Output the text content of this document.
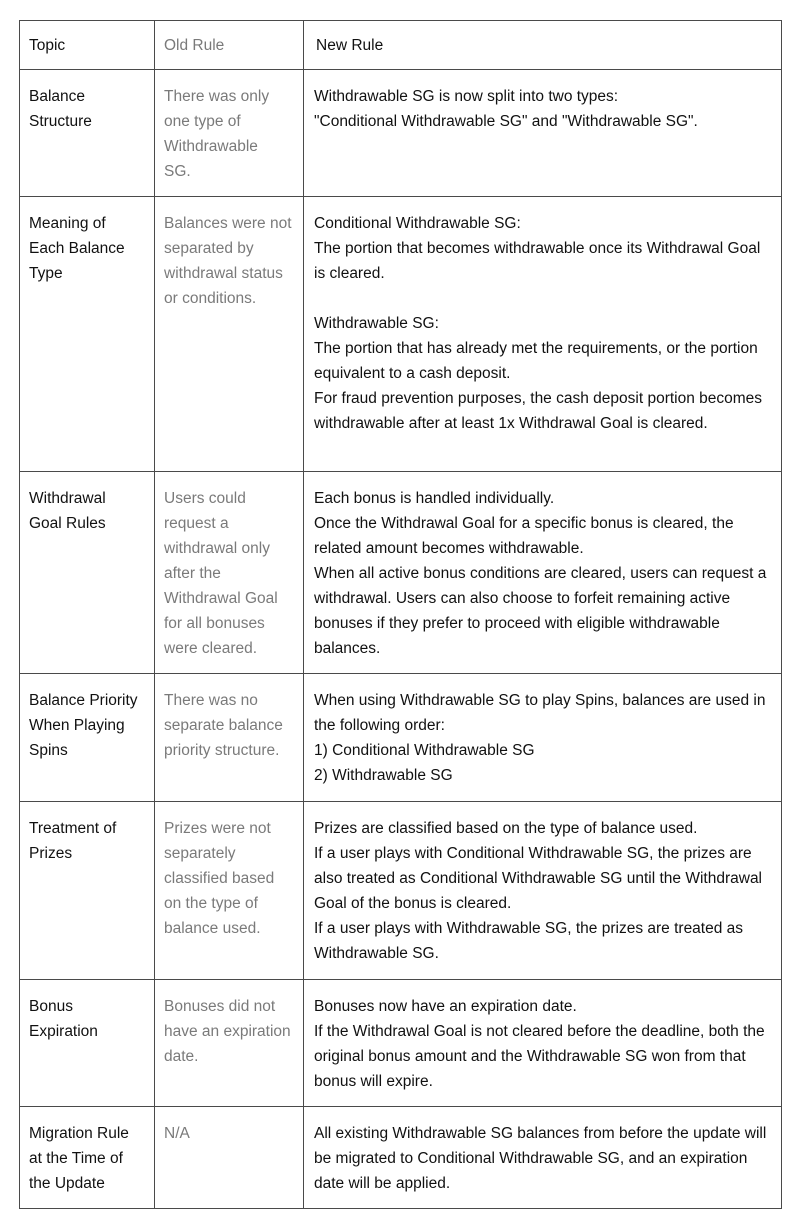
Topic	Old Rule	New Rule
Balance Structure	There was only one type of Withdrawable SG.	Withdrawable SG is now split into two types:
"Conditional Withdrawable SG" and "Withdrawable SG".

Meaning of Each Balance Type	Balances were not separated by withdrawal status or conditions.	Conditional Withdrawable SG:
The portion that becomes withdrawable once its Withdrawal Goal is cleared.

Withdrawable SG:
The portion that has already met the requirements, or the portion equivalent to a cash deposit.
For fraud prevention purposes, the cash deposit portion becomes withdrawable after at least 1x Withdrawal Goal is cleared.

Withdrawal Goal Rules	Users could request a withdrawal only after the Withdrawal Goal for all bonuses were cleared.	Each bonus is handled individually.
Once the Withdrawal Goal for a specific bonus is cleared, the related amount becomes withdrawable.
When all active bonus conditions are cleared, users can request a withdrawal. Users can also choose to forfeit remaining active bonuses if they prefer to proceed with eligible withdrawable balances.

Balance Priority When Playing Spins	There was no separate balance priority structure.	When using Withdrawable SG to play Spins, balances are used in the following order:
1) Conditional Withdrawable SG
2) Withdrawable SG

Treatment of Prizes	Prizes were not separately classified based on the type of balance used.	Prizes are classified based on the type of balance used.
If a user plays with Conditional Withdrawable SG, the prizes are also treated as Conditional Withdrawable SG until the Withdrawal Goal of the bonus is cleared.
If a user plays with Withdrawable SG, the prizes are treated as Withdrawable SG.

Bonus Expiration	Bonuses did not have an expiration date.	Bonuses now have an expiration date.
If the Withdrawal Goal is not cleared before the deadline, both the original bonus amount and the Withdrawable SG won from that bonus will expire.

Migration Rule at the Time of the Update	N/A	All existing Withdrawable SG balances from before the update will be migrated to Conditional Withdrawable SG, and an expiration date will be applied.
